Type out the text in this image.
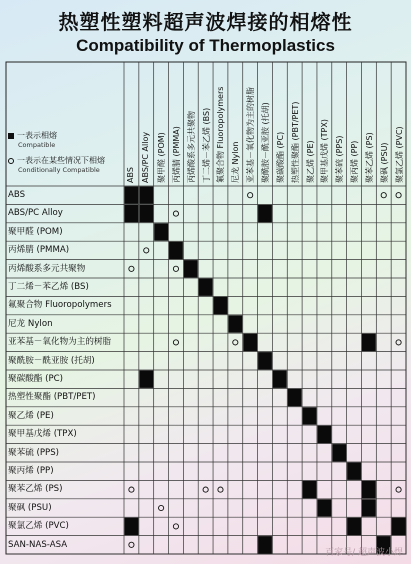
热塑性塑料超声波焊接的相熔性
Compatibility of Thermoplastics
一表示相熔
Compatible
一表示在某些情况下相熔
Conditionally Compatible
ABS
ABS/PC Alloy
聚甲醛 (POM)
丙烯腈 (PMMA)
丙烯酸系多元共聚物
丁二烯－苯乙烯 (BS)
氟聚合物 Fluoropolymers
尼龙 Nylon
亚苯基－氧化物为主的树脂
聚酰胺－酰亚胺 (托胡)
聚碳酸酯 (PC)
热塑性聚酯 (PBT/PET)
聚乙烯 (PE)
聚甲基戊烯 (TPX)
聚苯硫 (PPS)
聚丙烯 (PP)
聚苯乙烯 (PS)
聚砜 (PSU)
聚氯乙烯 (PVC)
SAN-NAS-ASA
ABS ABS/PC Alloy 聚甲醛 (POM) 丙烯腈 (PMMA) 丙烯酸系多元共聚物 丁二烯－苯乙烯 (BS) 氟聚合物 Fluoropolymers 尼龙 Nylon 亚苯基－氧化物为主的树脂 聚酰胺－酰亚胺 (托胡) 聚碳酸酯 (PC) 热塑性聚酯 (PBT/PET) 聚乙烯 (PE) 聚甲基戊烯 (TPX) 聚苯硫 (PPS) 聚丙烯 (PP) 聚苯乙烯 (PS) 聚砜 (PSU) 聚氯乙烯 (PVC)
百家号/ 超声波小焊
